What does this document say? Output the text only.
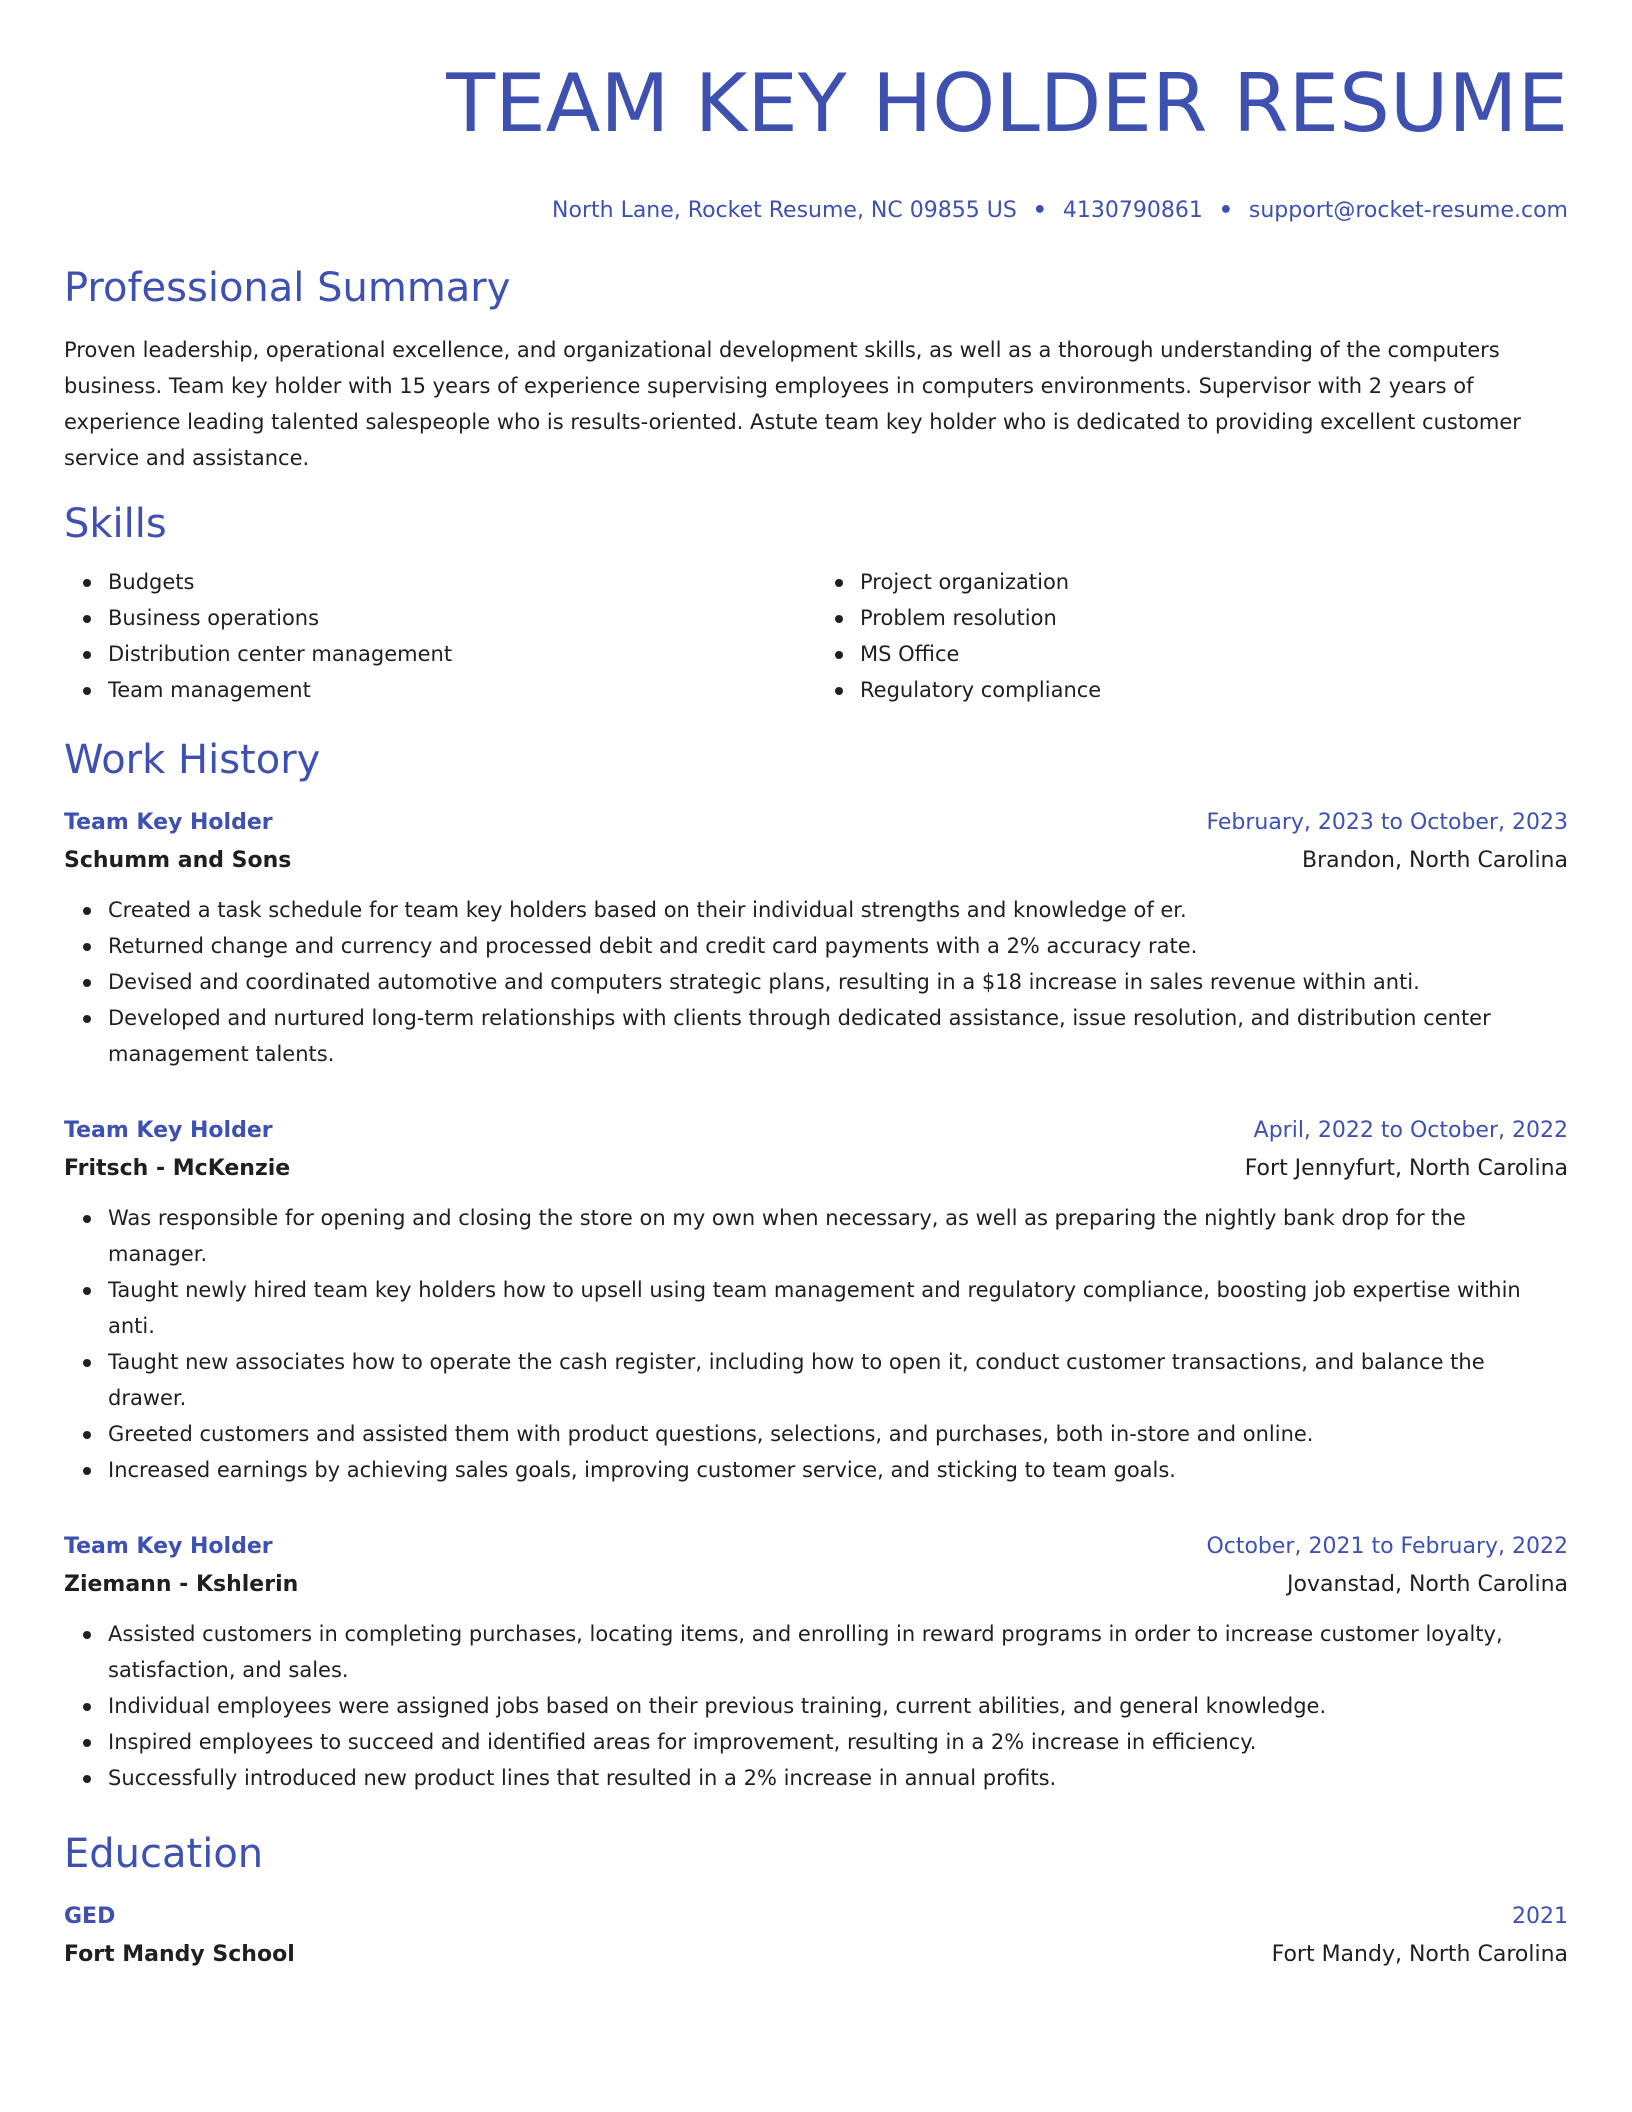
TEAM KEY HOLDER RESUME
North Lane, Rocket Resume, NC 09855 US • 4130790861 • support@rocket-resume.com
Professional Summary
Proven leadership, operational excellence, and organizational development skills, as well as a thorough understanding of the computers business. Team key holder with 15 years of experience supervising employees in computers environments. Supervisor with 2 years of experience leading talented salespeople who is results-oriented. Astute team key holder who is dedicated to providing excellent customer service and assistance.
Skills
Budgets
Business operations
Distribution center management
Team management
Project organization
Problem resolution
MS Office
Regulatory compliance
Work History
Team Key Holder	February, 2023 to October, 2023
Schumm and Sons	Brandon, North Carolina
Created a task schedule for team key holders based on their individual strengths and knowledge of er.
Returned change and currency and processed debit and credit card payments with a 2% accuracy rate.
Devised and coordinated automotive and computers strategic plans, resulting in a $18 increase in sales revenue within anti.
Developed and nurtured long-term relationships with clients through dedicated assistance, issue resolution, and distribution center management talents.
Team Key Holder	April, 2022 to October, 2022
Fritsch - McKenzie	Fort Jennyfurt, North Carolina
Was responsible for opening and closing the store on my own when necessary, as well as preparing the nightly bank drop for the manager.
Taught newly hired team key holders how to upsell using team management and regulatory compliance, boosting job expertise within anti.
Taught new associates how to operate the cash register, including how to open it, conduct customer transactions, and balance the drawer.
Greeted customers and assisted them with product questions, selections, and purchases, both in-store and online.
Increased earnings by achieving sales goals, improving customer service, and sticking to team goals.
Team Key Holder	October, 2021 to February, 2022
Ziemann - Kshlerin	Jovanstad, North Carolina
Assisted customers in completing purchases, locating items, and enrolling in reward programs in order to increase customer loyalty, satisfaction, and sales.
Individual employees were assigned jobs based on their previous training, current abilities, and general knowledge.
Inspired employees to succeed and identified areas for improvement, resulting in a 2% increase in efficiency.
Successfully introduced new product lines that resulted in a 2% increase in annual profits.
Education
GED	2021
Fort Mandy School	Fort Mandy, North Carolina
